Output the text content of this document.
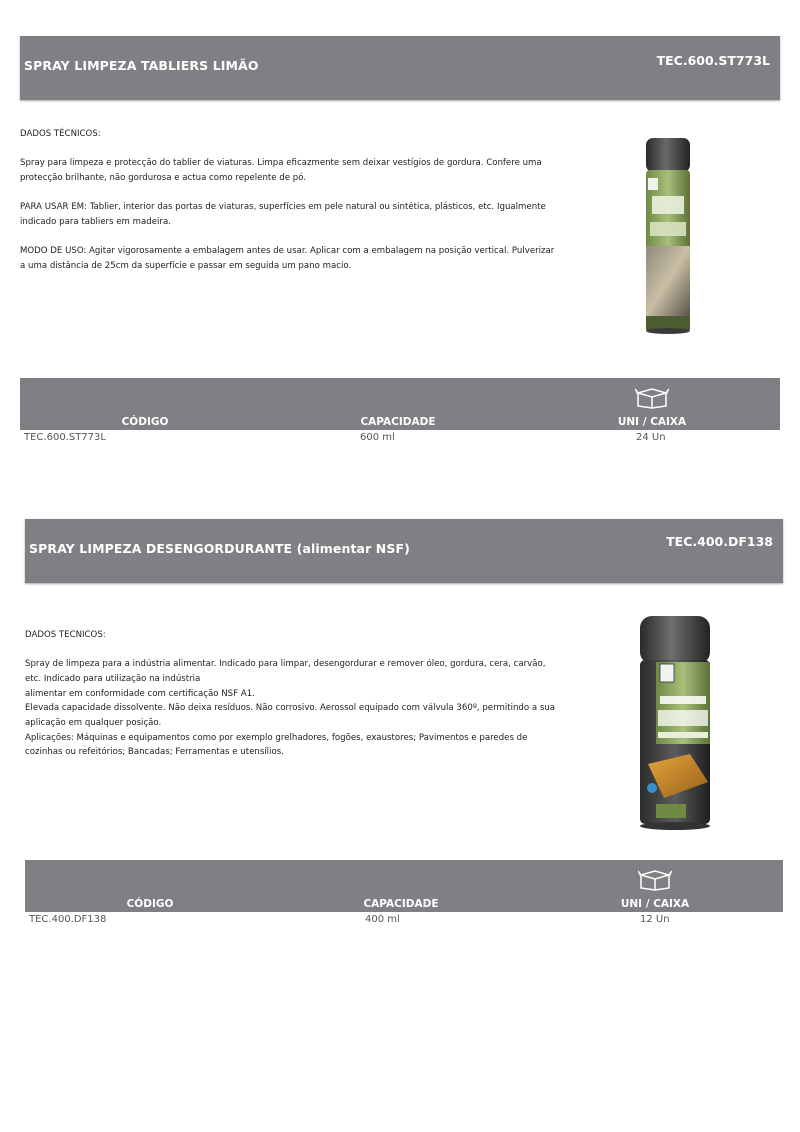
SPRAY LIMPEZA TABLIERS LIMÃO	TEC.600.ST773L

DADOS TÉCNICOS:

Spray para limpeza e protecção do tablier de viaturas. Limpa eficazmente sem deixar vestígios de gordura. Confere uma protecção brilhante, não gordurosa e actua como repelente de pó.

PARA USAR EM: Tablier, interior das portas de viaturas, superfícies em pele natural ou sintética, plásticos, etc. Igualmente indicado para tabliers em madeira.

MODO DE USO: Agitar vigorosamente a embalagem antes de usar. Aplicar com a embalagem na posição vertical. Pulverizar a uma distância de 25cm da superfície e passar em seguida um pano macio.

CÓDIGO	CAPACIDADE	UNI / CAIXA
TEC.600.ST773L	600 ml	24 Un
SPRAY LIMPEZA DESENGORDURANTE (alimentar NSF)	TEC.400.DF138

DADOS TECNICOS:

Spray de limpeza para a indústria alimentar. Indicado para limpar, desengordurar e remover óleo, gordura, cera, carvão,

etc. Indicado para utilização na indústria

alimentar em conformidade com certificação NSF A1.

Elevada capacidade dissolvente. Não deixa resíduos. Não corrosivo. Aerossol equipado com válvula 360º, permitindo a sua

aplicação em qualquer posição.

Aplicações: Máquinas e equipamentos como por exemplo grelhadores, fogões, exaustores; Pavimentos e paredes de

cozinhas ou refeitórios; Bancadas; Ferramentas e utensílios.

CÓDIGO	CAPACIDADE	UNI / CAIXA
TEC.400.DF138	400 ml	12 Un
